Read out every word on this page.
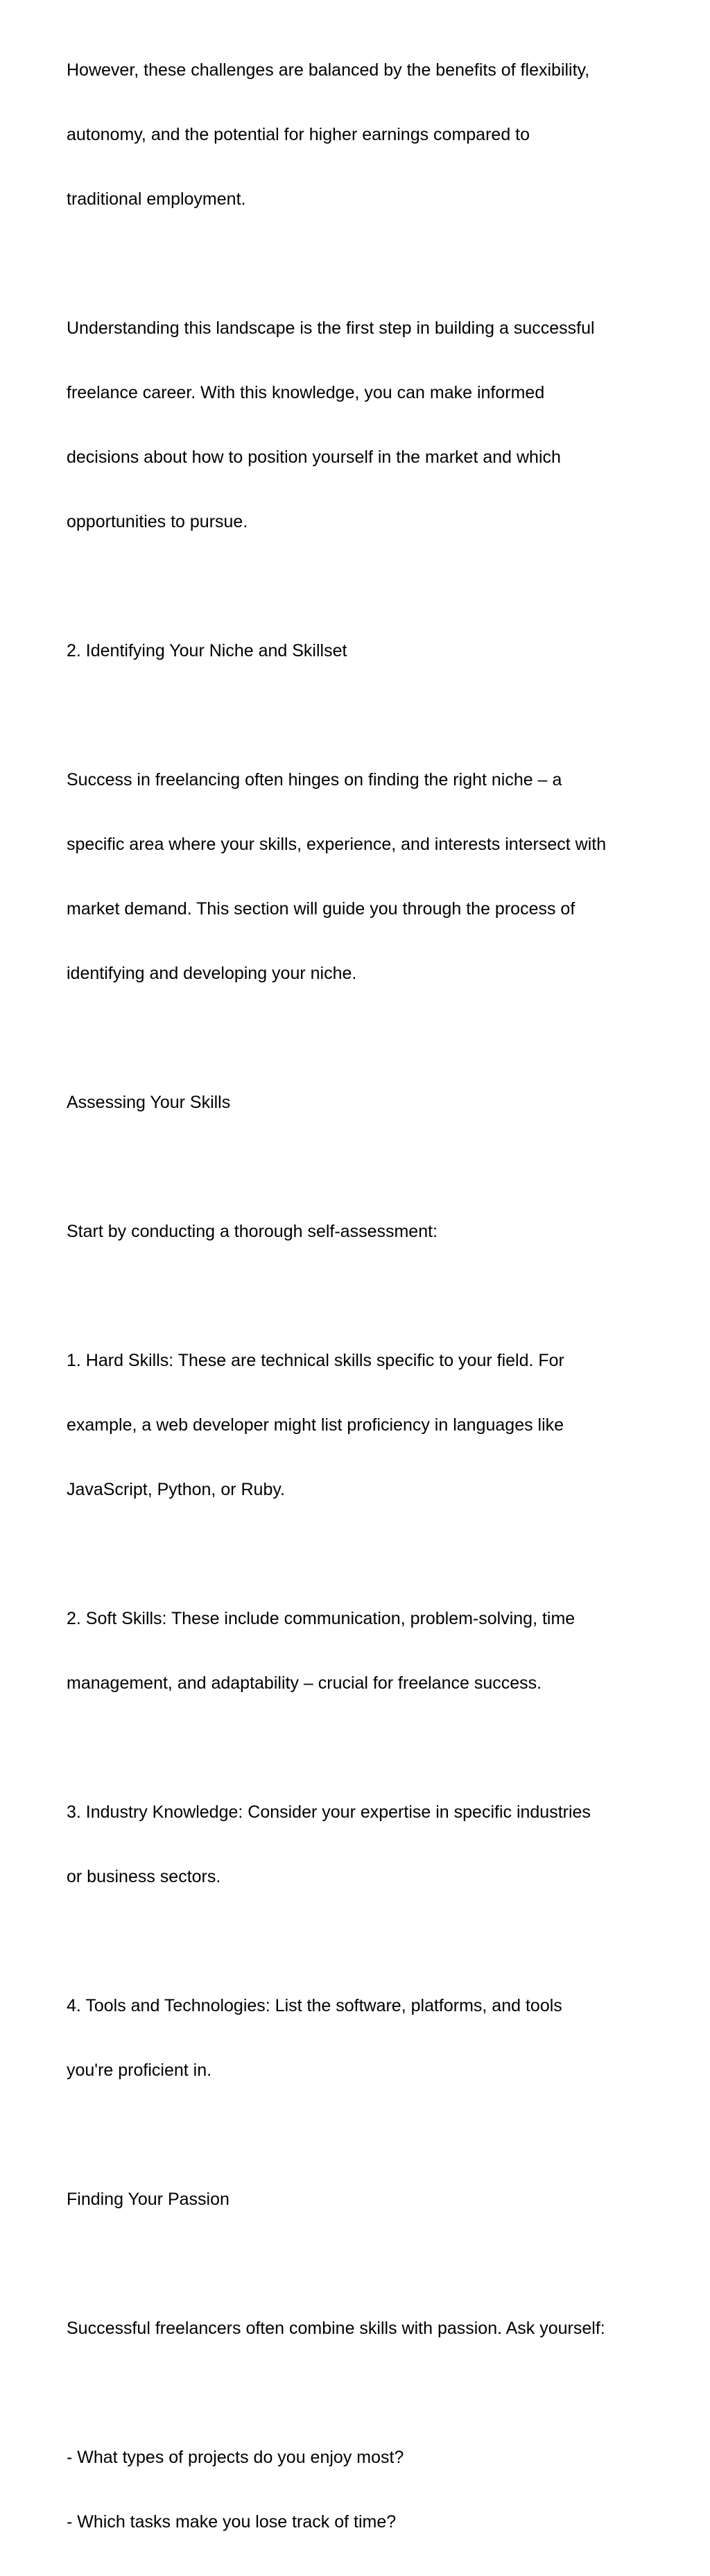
However, these challenges are balanced by the benefits of flexibility,

autonomy, and the potential for higher earnings compared to

traditional employment.

Understanding this landscape is the first step in building a successful

freelance career. With this knowledge, you can make informed

decisions about how to position yourself in the market and which

opportunities to pursue.

2. Identifying Your Niche and Skillset

Success in freelancing often hinges on finding the right niche – a

specific area where your skills, experience, and interests intersect with

market demand. This section will guide you through the process of

identifying and developing your niche.

Assessing Your Skills

Start by conducting a thorough self-assessment:

1. Hard Skills: These are technical skills specific to your field. For

example, a web developer might list proficiency in languages like

JavaScript, Python, or Ruby.

2. Soft Skills: These include communication, problem-solving, time

management, and adaptability – crucial for freelance success.

3. Industry Knowledge: Consider your expertise in specific industries

or business sectors.

4. Tools and Technologies: List the software, platforms, and tools

you're proficient in.

Finding Your Passion

Successful freelancers often combine skills with passion. Ask yourself:

- What types of projects do you enjoy most?

- Which tasks make you lose track of time?
